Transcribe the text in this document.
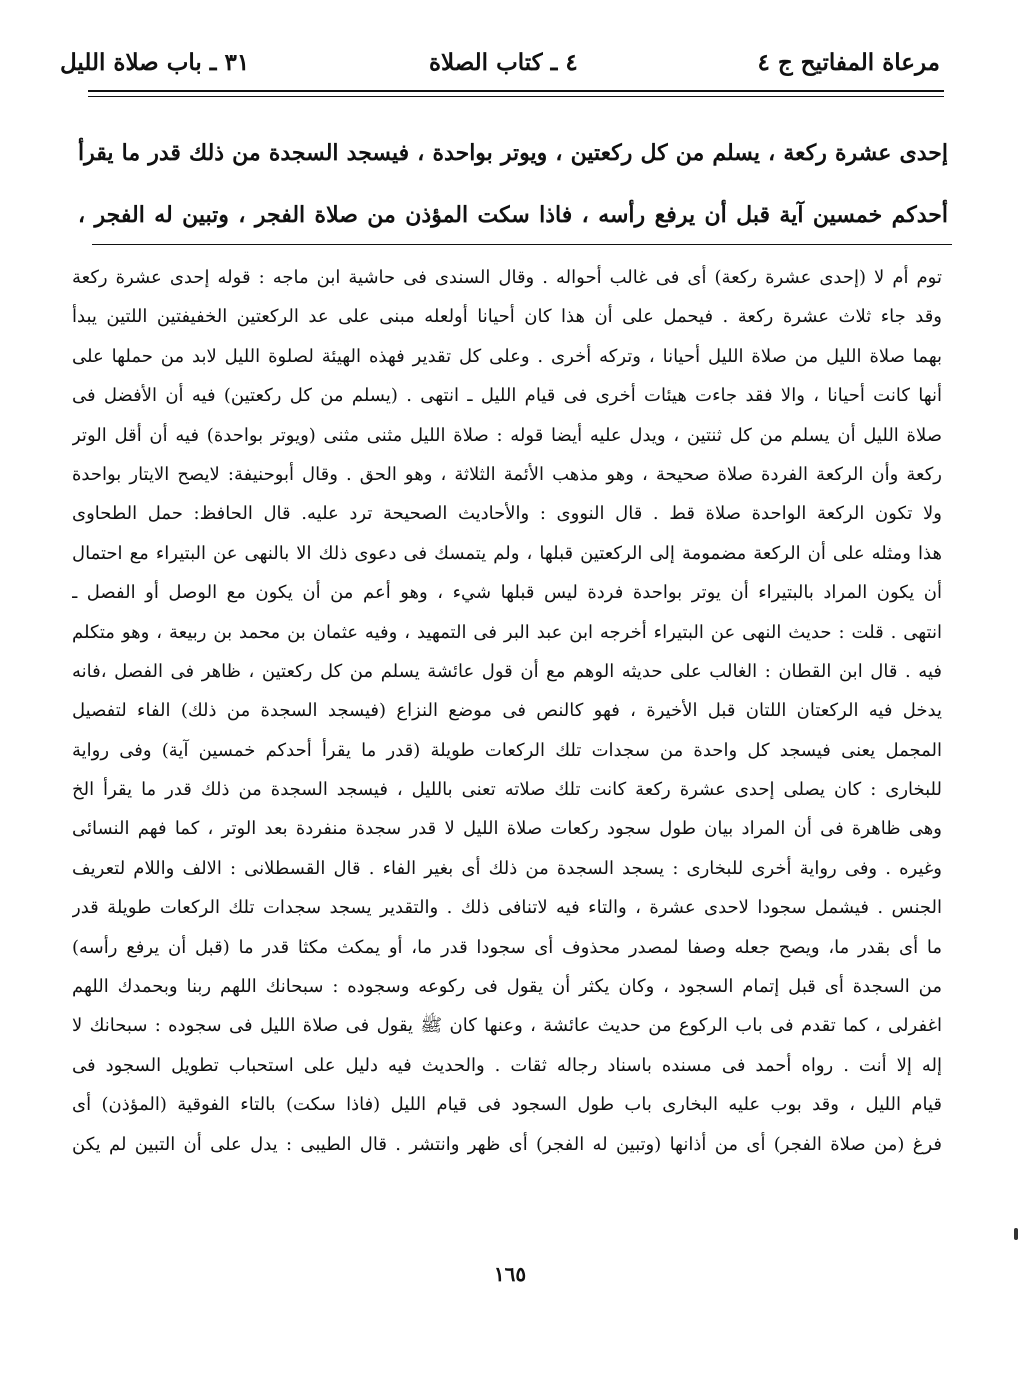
مرعاة المفاتيح ج ٤
٤ ـ كتاب الصلاة
٣١ ـ باب صلاة الليل
إحدى عشرة ركعة ، يسلم من كل ركعتين ، ويوتر بواحدة ، فيسجد السجدة من ذلك قدر ما يقرأ
أحدكم خمسين آية قبل أن يرفع رأسه ، فاذا سكت المؤذن من صلاة الفجر ، وتبين له الفجر ،
توم أم لا (إحدى عشرة ركعة) أى فى غالب أحواله . وقال السندى فى حاشية ابن ماجه : قوله إحدى عشرة ركعة
وقد جاء ثلاث عشرة ركعة . فيحمل على أن هذا كان أحيانا أولعله مبنى على عد الركعتين الخفيفتين اللتين يبدأ
بهما صلاة الليل من صلاة الليل أحيانا ، وتركه أخرى . وعلى كل تقدير فهذه الهيئة لصلوة الليل لابد من حملها على
أنها كانت أحيانا ، والا فقد جاءت هيئات أخرى فى قيام الليل ـ انتهى . (يسلم من كل ركعتين) فيه أن الأفضل فى
صلاة الليل أن يسلم من كل ثنتين ، ويدل عليه أيضا قوله : صلاة الليل مثنى مثنى (ويوتر بواحدة) فيه أن أقل الوتر
ركعة وأن الركعة الفردة صلاة صحيحة ، وهو مذهب الأئمة الثلاثة ، وهو الحق . وقال أبوحنيفة: لايصح الايتار بواحدة
ولا تكون الركعة الواحدة صلاة قط . قال النووى : والأحاديث الصحيحة ترد عليه. قال الحافظ: حمل الطحاوى
هذا ومثله على أن الركعة مضمومة إلى الركعتين قبلها ، ولم يتمسك فى دعوى ذلك الا بالنهى عن البتيراء مع احتمال
أن يكون المراد بالبتيراء أن يوتر بواحدة فردة ليس قبلها شيء ، وهو أعم من أن يكون مع الوصل أو الفصل ـ
انتهى . قلت : حديث النهى عن البتيراء أخرجه ابن عبد البر فى التمهيد ، وفيه عثمان بن محمد بن ربيعة ، وهو متكلم
فيه . قال ابن القطان : الغالب على حديثه الوهم مع أن قول عائشة يسلم من كل ركعتين ، ظاهر فى الفصل ،فانه
يدخل فيه الركعتان اللتان قبل الأخيرة ، فهو كالنص فى موضع النزاع (فيسجد السجدة من ذلك) الفاء لتفصيل
المجمل يعنى فيسجد كل واحدة من سجدات تلك الركعات طويلة (قدر ما يقرأ أحدكم خمسين آية) وفى رواية
للبخارى : كان يصلى إحدى عشرة ركعة كانت تلك صلاته تعنى بالليل ، فيسجد السجدة من ذلك قدر ما يقرأ الخ
وهى ظاهرة فى أن المراد بيان طول سجود ركعات صلاة الليل لا قدر سجدة منفردة بعد الوتر ، كما فهم النسائى
وغيره . وفى رواية أخرى للبخارى : يسجد السجدة من ذلك أى بغير الفاء . قال القسطلانى : الالف واللام لتعريف
الجنس . فيشمل سجودا لاحدى عشرة ، والتاء فيه لاتنافى ذلك . والتقدير يسجد سجدات تلك الركعات طويلة قدر
ما أى بقدر ما، ويصح جعله وصفا لمصدر محذوف أى سجودا قدر ما، أو يمكث مكثا قدر ما (قبل أن يرفع رأسه)
من السجدة أى قبل إتمام السجود ، وكان يكثر أن يقول فى ركوعه وسجوده : سبحانك اللهم ربنا وبحمدك اللهم
اغفرلى ، كما تقدم فى باب الركوع من حديث عائشة ، وعنها كان ﷺ يقول فى صلاة الليل فى سجوده : سبحانك لا
إله إلا أنت . رواه أحمد فى مسنده باسناد رجاله ثقات . والحديث فيه دليل على استحباب تطويل السجود فى
قيام الليل ، وقد بوب عليه البخارى باب طول السجود فى قيام الليل (فاذا سكت) بالتاء الفوقية (المؤذن) أى
فرغ (من صلاة الفجر) أى من أذانها (وتبين له الفجر) أى ظهر وانتشر . قال الطيبى : يدل على أن التبين لم يكن
١٦٥
